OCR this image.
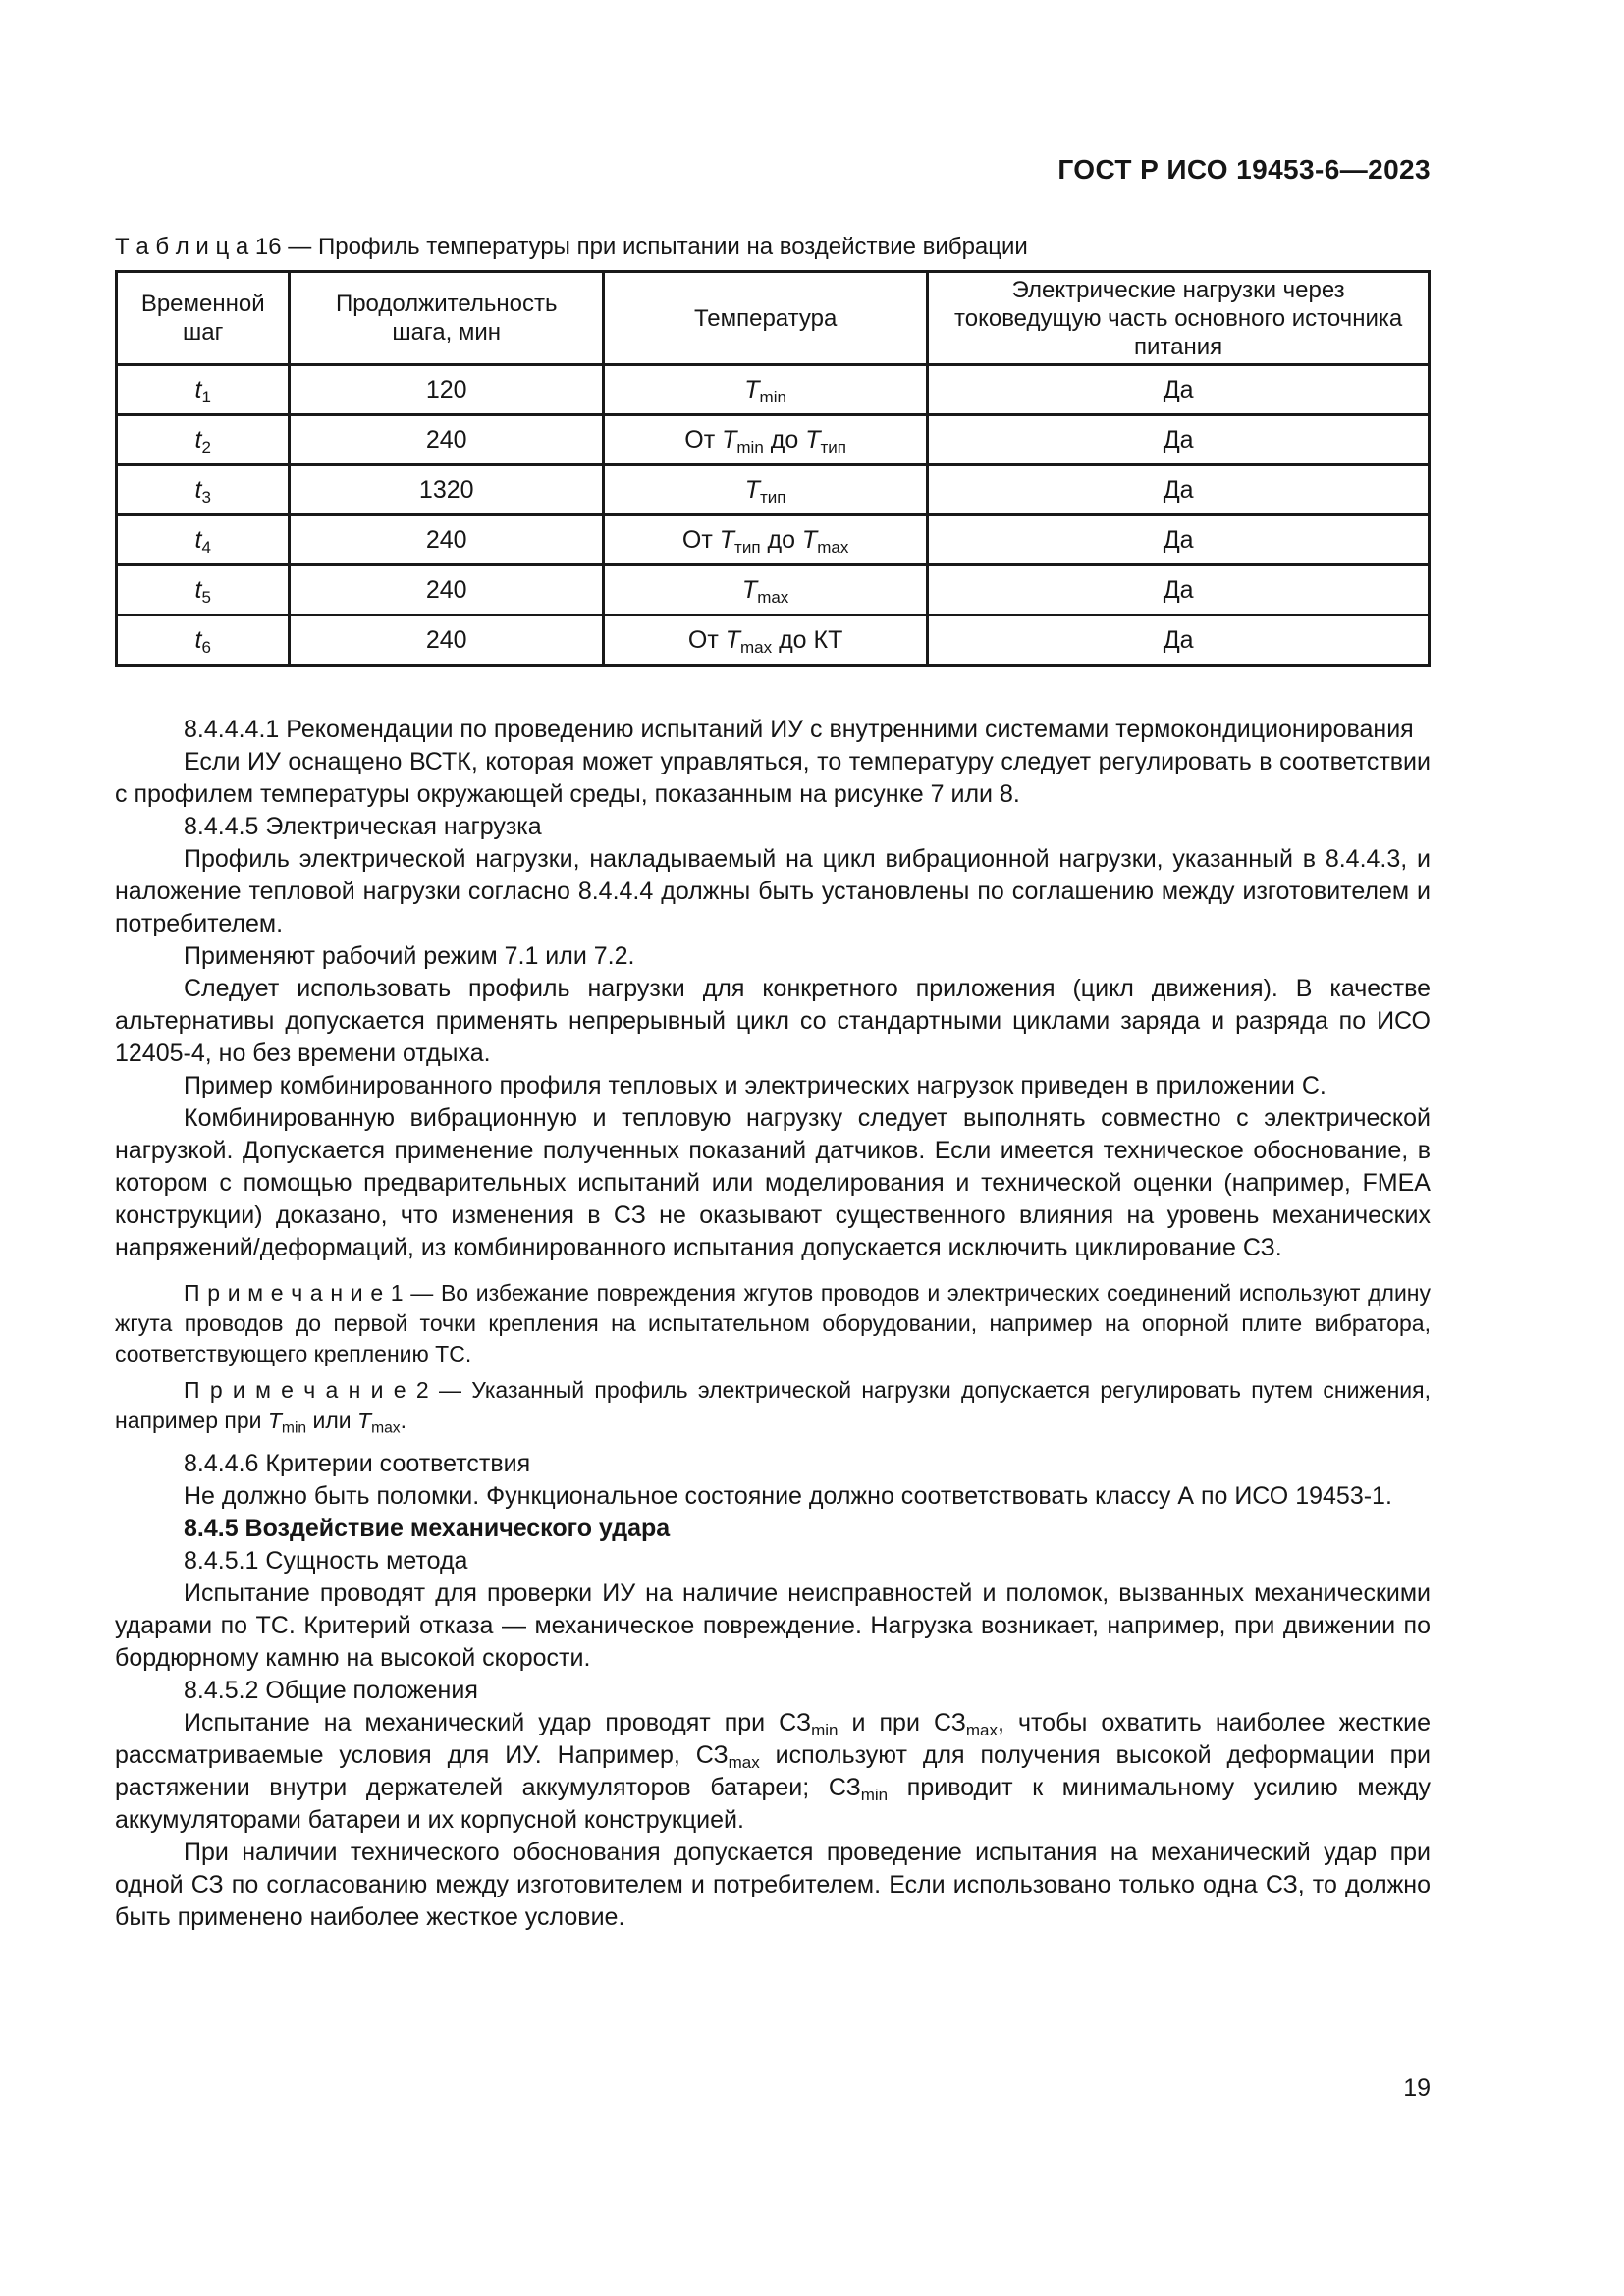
ГОСТ Р ИСО 19453-6—2023
Т а б л и ц а 16 — Профиль температуры при испытании на воздействие вибрации
Временной шаг	Продолжительность шага, мин	Температура	Электрические нагрузки через токоведущую часть основного источника питания
$t_1$	120	$T_{min}$	Да
$t_2$	240	От $T_{min}$ до $T_{тип}$	Да
$t_3$	1320	$T_{тип}$	Да
$t_4$	240	От $T_{тип}$ до $T_{max}$	Да
$t_5$	240	$T_{max}$	Да
$t_6$	240	От $T_{max}$ до КТ	Да

8.4.4.4.1 Рекомендации по проведению испытаний ИУ с внутренними системами термокондиционирования

Если ИУ оснащено ВСТК, которая может управляться, то температуру следует регулировать в соответствии с профилем температуры окружающей среды, показанным на рисунке 7 или 8.

8.4.4.5 Электрическая нагрузка

Профиль электрической нагрузки, накладываемый на цикл вибрационной нагрузки, указанный в 8.4.4.3, и наложение тепловой нагрузки согласно 8.4.4.4 должны быть установлены по соглашению между изготовителем и потребителем.

Применяют рабочий режим 7.1 или 7.2.

Следует использовать профиль нагрузки для конкретного приложения (цикл движения). В качестве альтернативы допускается применять непрерывный цикл со стандартными циклами заряда и разряда по ИСО 12405-4, но без времени отдыха.

Пример комбинированного профиля тепловых и электрических нагрузок приведен в приложении С.

Комбинированную вибрационную и тепловую нагрузку следует выполнять совместно с электрической нагрузкой. Допускается применение полученных показаний датчиков. Если имеется техническое обоснование, в котором с помощью предварительных испытаний или моделирования и технической оценки (например, FMEA конструкции) доказано, что изменения в СЗ не оказывают существенного влияния на уровень механических напряжений/деформаций, из комбинированного испытания допускается исключить циклирование СЗ.

П р и м е ч а н и е 1 — Во избежание повреждения жгутов проводов и электрических соединений используют длину жгута проводов до первой точки крепления на испытательном оборудовании, например на опорной плите вибратора, соответствующего креплению ТС.

П р и м е ч а н и е 2 — Указанный профиль электрической нагрузки допускается регулировать путем снижения, например при $T_{min}$ или $T_{max}$.

8.4.4.6 Критерии соответствия

Не должно быть поломки. Функциональное состояние должно соответствовать классу А по ИСО 19453-1.

8.4.5 Воздействие механического удара

8.4.5.1 Сущность метода

Испытание проводят для проверки ИУ на наличие неисправностей и поломок, вызванных механическими ударами по ТС. Критерий отказа — механическое повреждение. Нагрузка возникает, например, при движении по бордюрному камню на высокой скорости.

8.4.5.2 Общие положения

Испытание на механический удар проводят при $СЗ_{min}$ и при $СЗ_{max}$, чтобы охватить наиболее жесткие рассматриваемые условия для ИУ. Например, $СЗ_{max}$ используют для получения высокой деформации при растяжении внутри держателей аккумуляторов батареи; $СЗ_{min}$ приводит к минимальному усилию между аккумуляторами батареи и их корпусной конструкцией.

При наличии технического обоснования допускается проведение испытания на механический удар при одной СЗ по согласованию между изготовителем и потребителем. Если использовано только одна СЗ, то должно быть применено наиболее жесткое условие.

19
